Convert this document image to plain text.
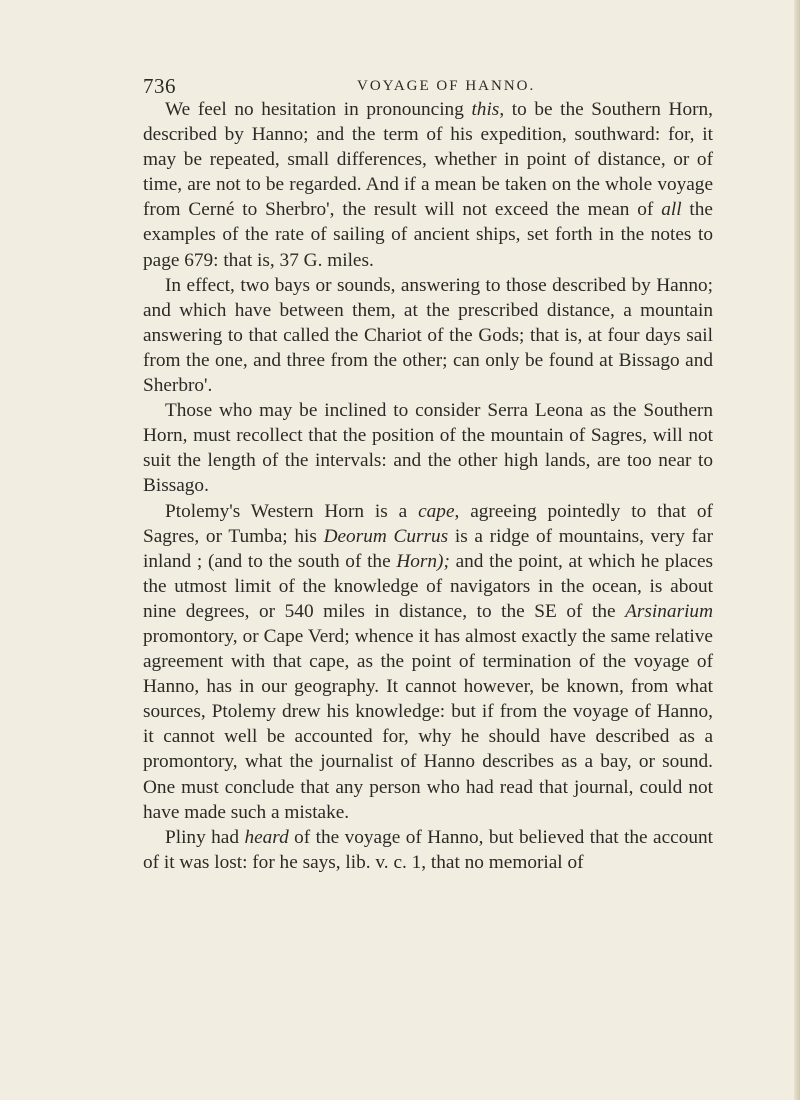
736	VOYAGE OF HANNO.

We feel no hesitation in pronouncing this, to be the Southern Horn, described by Hanno; and the term of his expedition, southward: for, it may be repeated, small differences, whether in point of distance, or of time, are not to be regarded. And if a mean be taken on the whole voyage from Cerné to Sherbro', the result will not exceed the mean of all the examples of the rate of sailing of ancient ships, set forth in the notes to page 679: that is, 37 G. miles.

In effect, two bays or sounds, answering to those described by Hanno; and which have between them, at the prescribed distance, a mountain answering to that called the Chariot of the Gods; that is, at four days sail from the one, and three from the other; can only be found at Bissago and Sherbro'.

Those who may be inclined to consider Serra Leona as the Southern Horn, must recollect that the position of the mountain of Sagres, will not suit the length of the intervals: and the other high lands, are too near to Bissago.

Ptolemy's Western Horn is a cape, agreeing pointedly to that of Sagres, or Tumba; his Deorum Currus is a ridge of mountains, very far inland ; (and to the south of the Horn); and the point, at which he places the utmost limit of the knowledge of navigators in the ocean, is about nine degrees, or 540 miles in distance, to the SE of the Arsinarium promontory, or Cape Verd; whence it has almost exactly the same relative agreement with that cape, as the point of termination of the voyage of Hanno, has in our geography. It cannot however, be known, from what sources, Ptolemy drew his knowledge: but if from the voyage of Hanno, it cannot well be accounted for, why he should have described as a promontory, what the journalist of Hanno describes as a bay, or sound. One must conclude that any person who had read that journal, could not have made such a mistake.

Pliny had heard of the voyage of Hanno, but believed that the account of it was lost: for he says, lib. v. c. 1, that no memorial of
